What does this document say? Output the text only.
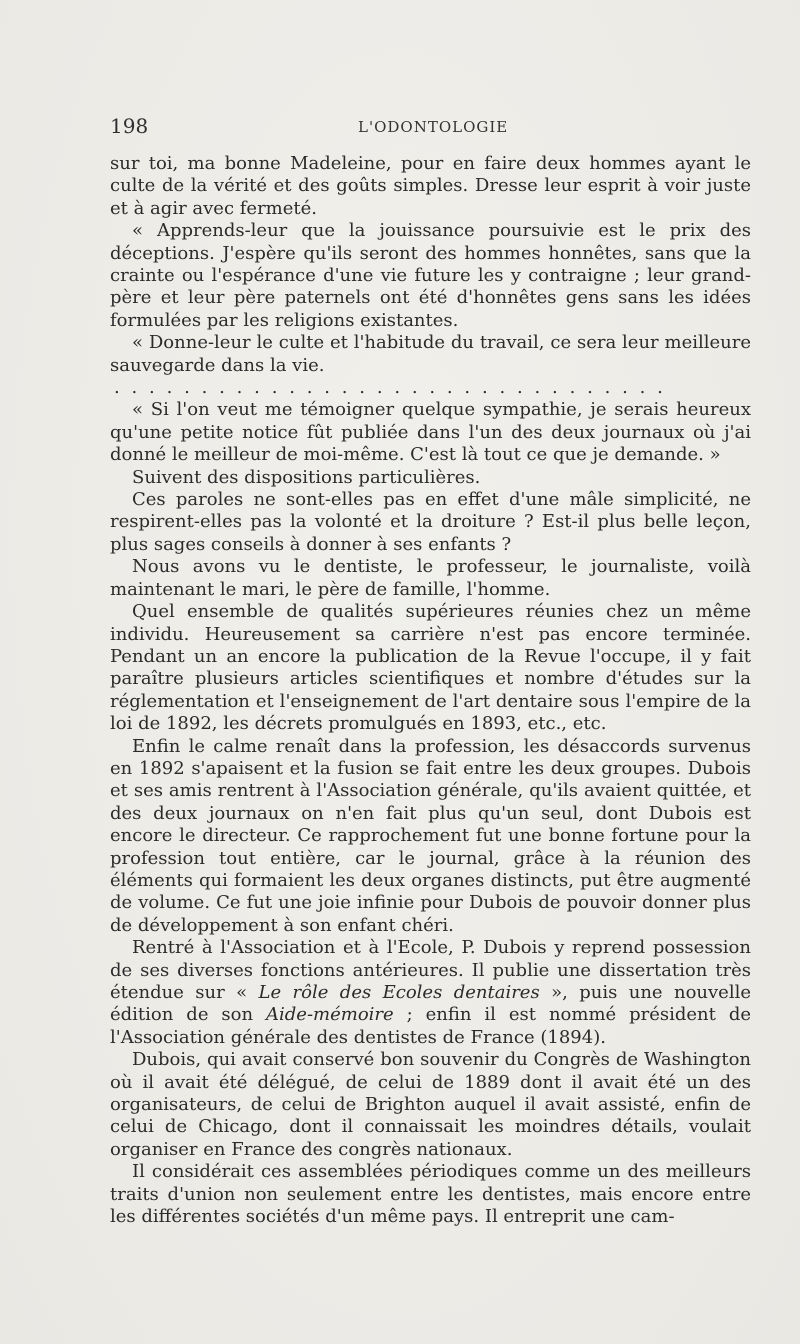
198	L'ODONTOLOGIE

sur toi, ma bonne Madeleine, pour en faire deux hommes ayant le culte de la vérité et des goûts simples. Dresse leur esprit à voir juste et à agir avec fermeté.

« Apprends-leur que la jouissance poursuivie est le prix des déceptions. J'espère qu'ils seront des hommes honnêtes, sans que la crainte ou l'espérance d'une vie future les y contraigne ; leur grand-père et leur père paternels ont été d'honnêtes gens sans les idées formulées par les religions existantes.

« Donne-leur le culte et l'habitude du travail, ce sera leur meilleure sauvegarde dans la vie.

................................

« Si l'on veut me témoigner quelque sympathie, je serais heureux qu'une petite notice fût publiée dans l'un des deux journaux où j'ai donné le meilleur de moi-même. C'est là tout ce que je demande. »

Suivent des dispositions particulières.

Ces paroles ne sont-elles pas en effet d'une mâle simplicité, ne respirent-elles pas la volonté et la droiture ? Est-il plus belle leçon, plus sages conseils à donner à ses enfants ?

Nous avons vu le dentiste, le professeur, le journaliste, voilà maintenant le mari, le père de famille, l'homme.

Quel ensemble de qualités supérieures réunies chez un même individu. Heureusement sa carrière n'est pas encore terminée. Pendant un an encore la publication de la Revue l'occupe, il y fait paraître plusieurs articles scientifiques et nombre d'études sur la réglementation et l'enseignement de l'art dentaire sous l'empire de la loi de 1892, les décrets promulgués en 1893, etc., etc.

Enfin le calme renaît dans la profession, les désaccords survenus en 1892 s'apaisent et la fusion se fait entre les deux groupes. Dubois et ses amis rentrent à l'Association générale, qu'ils avaient quittée, et des deux journaux on n'en fait plus qu'un seul, dont Dubois est encore le directeur. Ce rapprochement fut une bonne fortune pour la profession tout entière, car le journal, grâce à la réunion des éléments qui formaient les deux organes distincts, put être augmenté de volume. Ce fut une joie infinie pour Dubois de pouvoir donner plus de développement à son enfant chéri.

Rentré à l'Association et à l'Ecole, P. Dubois y reprend possession de ses diverses fonctions antérieures. Il publie une dissertation très étendue sur « Le rôle des Ecoles dentaires », puis une nouvelle édition de son Aide-mémoire ; enfin il est nommé président de l'Association générale des dentistes de France (1894).

Dubois, qui avait conservé bon souvenir du Congrès de Washington où il avait été délégué, de celui de 1889 dont il avait été un des organisateurs, de celui de Brighton auquel il avait assisté, enfin de celui de Chicago, dont il connaissait les moindres détails, voulait organiser en France des congrès nationaux.

Il considérait ces assemblées périodiques comme un des meilleurs traits d'union non seulement entre les dentistes, mais encore entre les différentes sociétés d'un même pays. Il entreprit une cam-
